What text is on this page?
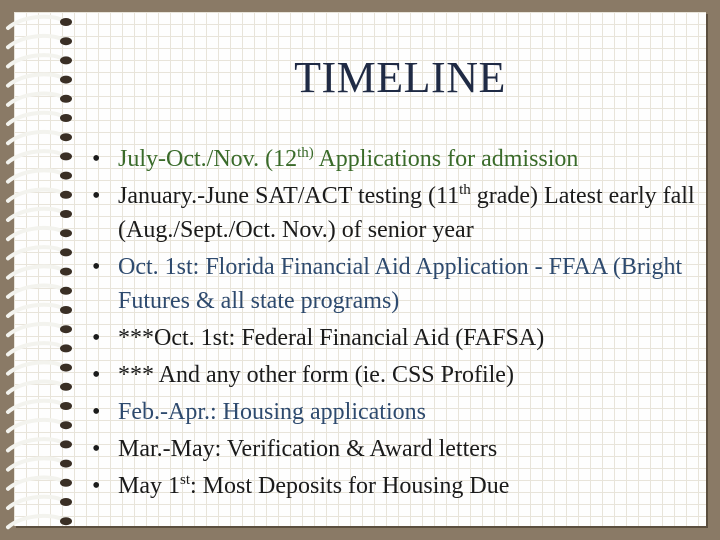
TIMELINE
• July-Oct./Nov. ($12^{th)}$ Applications for admission
• January.-June SAT/ACT testing (11th grade) Latest early fall (Aug./Sept./Oct. Nov.) of senior year
• Oct. 1st: Florida Financial Aid Application - FFAA (Bright Futures & all state programs)
• ***Oct. 1st: Federal Financial Aid (FAFSA)
• *** And any other form (ie. CSS Profile)
• Feb.-Apr.: Housing applications
• Mar.-May: Verification & Award letters
• May 1st: Most Deposits for Housing Due
